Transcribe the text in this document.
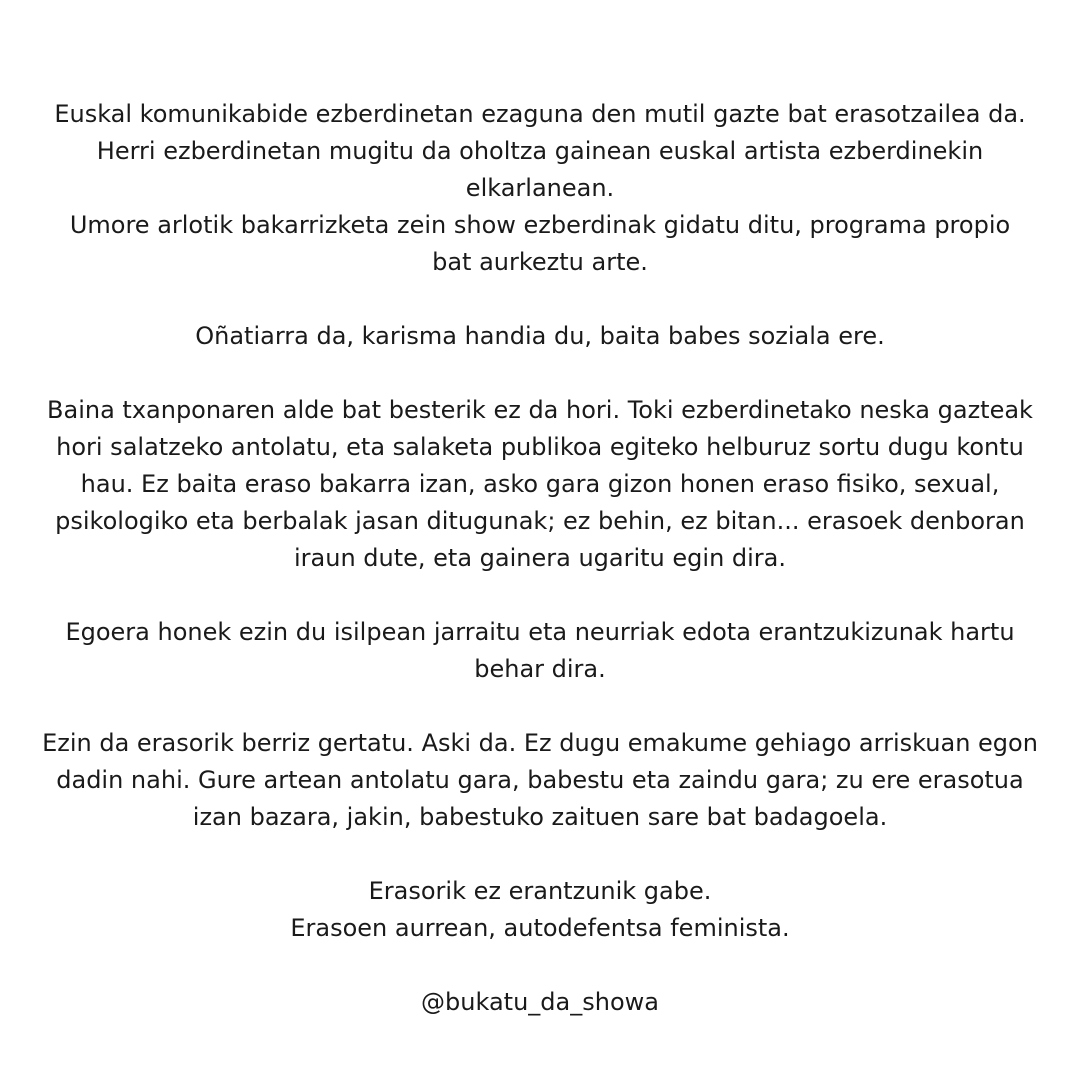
Euskal komunikabide ezberdinetan ezaguna den mutil gazte bat erasotzailea da.
Herri ezberdinetan mugitu da oholtza gainean euskal artista ezberdinekin
elkarlanean.
Umore arlotik bakarrizketa zein show ezberdinak gidatu ditu, programa propio
bat aurkeztu arte.

Oñatiarra da, karisma handia du, baita babes soziala ere.

Baina txanponaren alde bat besterik ez da hori. Toki ezberdinetako neska gazteak
hori salatzeko antolatu, eta salaketa publikoa egiteko helburuz sortu dugu kontu
hau. Ez baita eraso bakarra izan, asko gara gizon honen eraso fisiko, sexual,
psikologiko eta berbalak jasan ditugunak; ez behin, ez bitan... erasoek denboran
iraun dute, eta gainera ugaritu egin dira.

Egoera honek ezin du isilpean jarraitu eta neurriak edota erantzukizunak hartu
behar dira.

Ezin da erasorik berriz gertatu. Aski da. Ez dugu emakume gehiago arriskuan egon
dadin nahi. Gure artean antolatu gara, babestu eta zaindu gara; zu ere erasotua
izan bazara, jakin, babestuko zaituen sare bat badagoela.

Erasorik ez erantzunik gabe.
Erasoen aurrean, autodefentsa feminista.

@bukatu_da_showa
